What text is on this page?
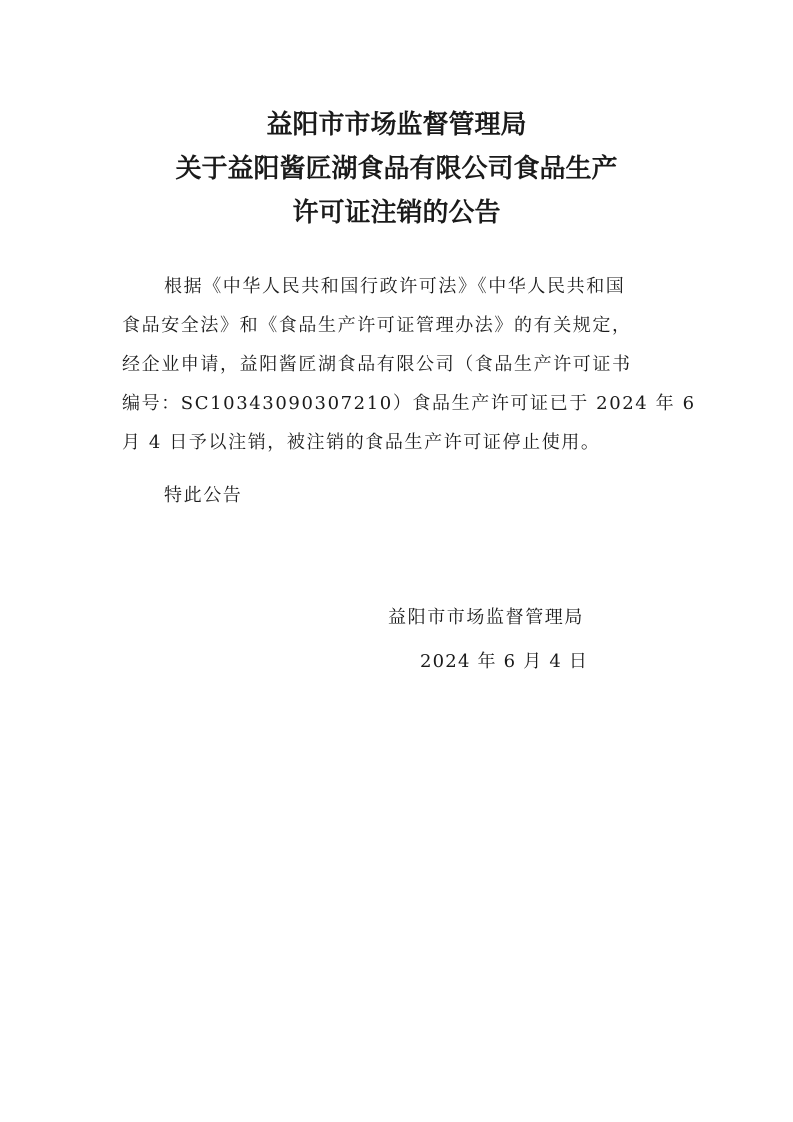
益阳市市场监督管理局
关于益阳酱匠湖食品有限公司食品生产
许可证注销的公告
根据《中华人民共和国行政许可法》《中华人民共和国
食品安全法》和《食品生产许可证管理办法》的有关规定，
经企业申请，益阳酱匠湖食品有限公司（食品生产许可证书
编号：SC10343090307210）食品生产许可证已于 2024 年 6
月 4 日予以注销，被注销的食品生产许可证停止使用。
特此公告
益阳市市场监督管理局
2024 年 6 月 4 日
